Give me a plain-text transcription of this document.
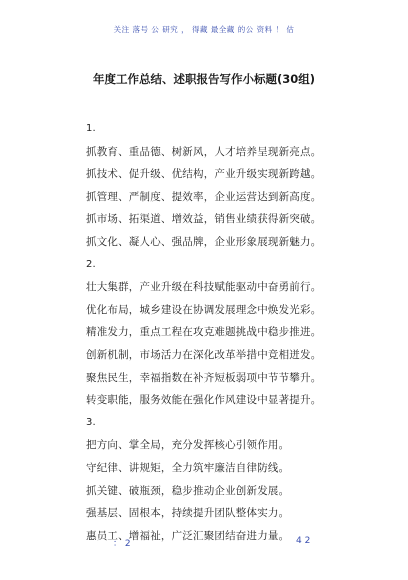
关注 落号 公 研究 ， 得藏 最全藏 的公 资料 ！ 估
年度工作总结、述职报告写作小标题(30组)
1.
抓教育、重品德、树新风，人才培养呈现新亮点。
抓技术、促升级、优结构，产业升级实现新跨越。
抓管理、严制度、提效率，企业运营达到新高度。
抓市场、拓渠道、增效益，销售业绩获得新突破。
抓文化、凝人心、强品牌，企业形象展现新魅力。
2.
壮大集群，产业升级在科技赋能驱动中奋勇前行。
优化布局，城乡建设在协调发展理念中焕发光彩。
精准发力，重点工程在攻克难题挑战中稳步推进。
创新机制，市场活力在深化改革举措中竞相迸发。
聚焦民生，幸福指数在补齐短板弱项中节节攀升。
转变职能，服务效能在强化作风建设中显著提升。
3.
把方向、掌全局，充分发挥核心引领作用。
守纪律、讲规矩，全力筑牢廉洁自律防线。
抓关键、破瓶颈，稳步推动企业创新发展。
强基层、固根本，持续提升团队整体实力。
惠员工、增福祉，广泛汇聚团结奋进力量。
： 2	4 2
